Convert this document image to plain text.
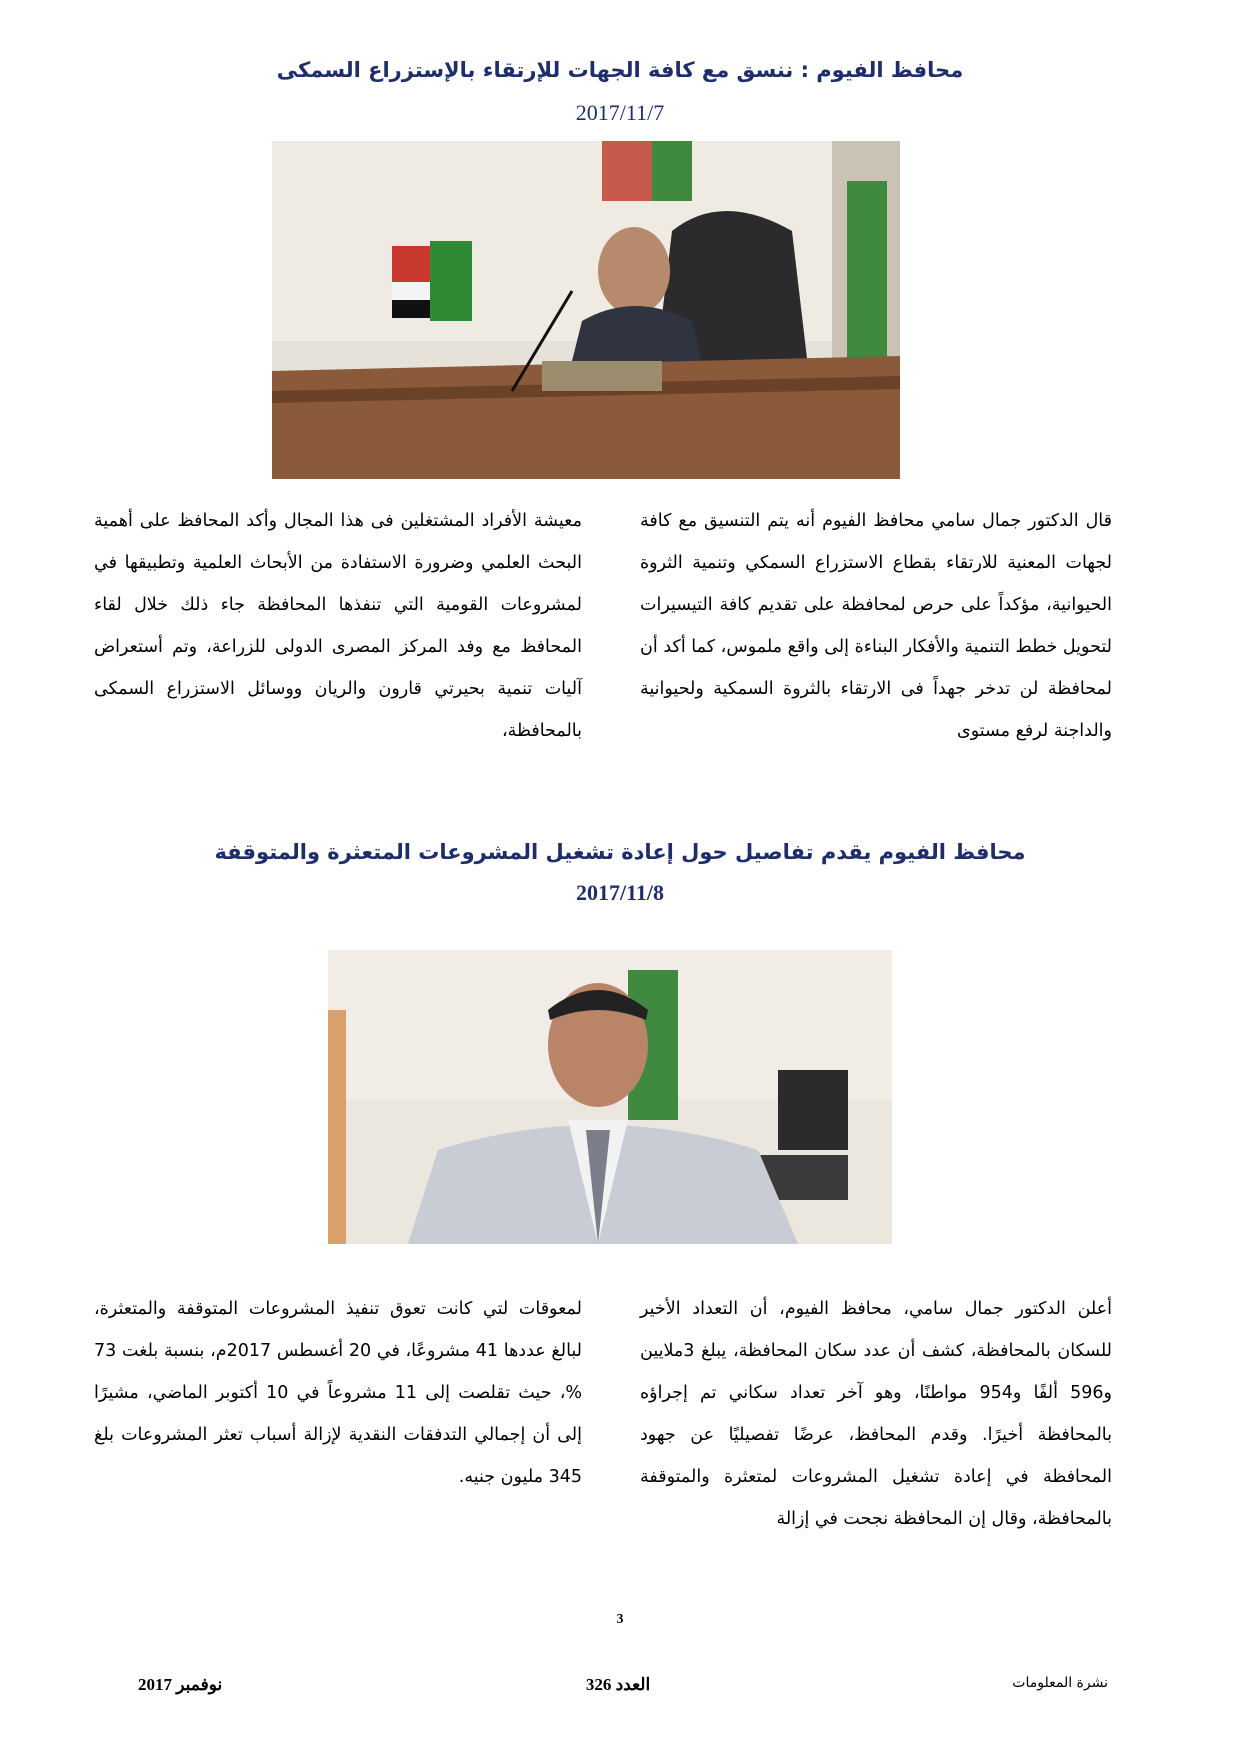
محافظ الفيوم : ننسق مع كافة الجهات للإرتقاء بالإستزراع السمكى
2017/11/7

قال الدكتور جمال سامي محافظ الفيوم أنه يتم التنسيق مع كافة لجهات المعنية للارتقاء بقطاع الاستزراع السمكي وتنمية الثروة الحيوانية، مؤكداً على حرص لمحافظة على تقديم كافة التيسيرات لتحويل خطط التنمية والأفكار البناءة إلى واقع ملموس، كما أكد أن لمحافظة لن تدخر جهداً فى الارتقاء بالثروة السمكية ولحيوانية والداجنة لرفع مستوى

معيشة الأفراد المشتغلين فى هذا المجال وأكد المحافظ على أهمية البحث العلمي وضرورة الاستفادة من الأبحاث العلمية وتطبيقها في لمشروعات القومية التي تنفذها المحافظة جاء ذلك خلال لقاء المحافظ مع وفد المركز المصرى الدولى للزراعة، وتم أستعراض آليات تنمية بحيرتي قارون والريان ووسائل الاستزراع السمكى بالمحافظة،

محافظ الفيوم يقدم تفاصيل حول إعادة تشغيل المشروعات المتعثرة والمتوقفة
2017/11/8

أعلن الدكتور جمال سامي، محافظ الفيوم، أن التعداد الأخير للسكان بالمحافظة، كشف أن عدد سكان المحافظة، يبلغ 3ملايين و596 ألفًا و954 مواطنًا، وهو آخر تعداد سكاني تم إجراؤه بالمحافظة أخيرًا. وقدم المحافظ، عرضًا تفصيليًا عن جهود المحافظة في إعادة تشغيل المشروعات لمتعثرة والمتوقفة بالمحافظة، وقال إن المحافظة نجحت في إزالة

لمعوقات لتي كانت تعوق تنفيذ المشروعات المتوقفة والمتعثرة، لبالغ عددها 41 مشروعًا، في 20 أغسطس 2017م، بنسبة بلغت 73 %، حيث تقلصت إلى 11 مشروعاً في 10 أكتوبر الماضي، مشيرًا إلى أن إجمالي التدفقات النقدية لإزالة أسباب تعثر المشروعات بلغ 345 مليون جنيه.

3
نشرة المعلومات
العدد 326
نوفمبر 2017
